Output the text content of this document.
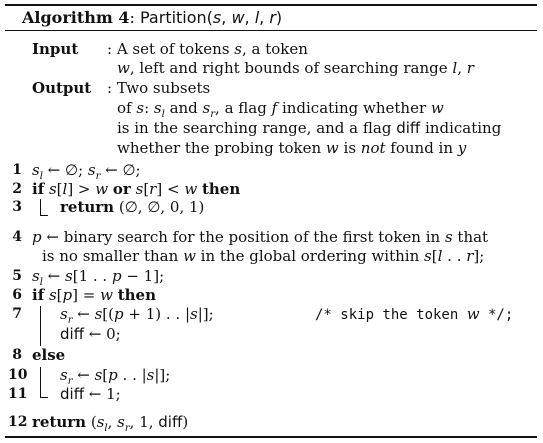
Algorithm 4: Partition(s, w, l, r)
Input : A set of tokens s, a token
w, left and right bounds of searching range l, r
Output : Two subsets
of s: $s_l$ and $s_r$, a flag f indicating whether w
is in the searching range, and a flag diff indicating
whether the probing token w is not found in y
1 $s_l$ ← ∅; $s_r$ ← ∅;
2 if s[l] > w or s[r] < w then
3	return (∅, ∅, 0, 1)
4 p ← binary search for the position of the first token in s that
is no smaller than w in the global ordering within s[l . . r];
5 $s_l$ ← s[1 . . p − 1];
6 if s[p] = w then
7	$s_r$ ← s[(p + 1) . . |s|];	/* skip the token w */;
diff ← 0;
8 else
10 $s_r$ ← s[p . . |s|];
11 diff ← 1;
12 return ($s_l$, $s_r$, 1, diff)
